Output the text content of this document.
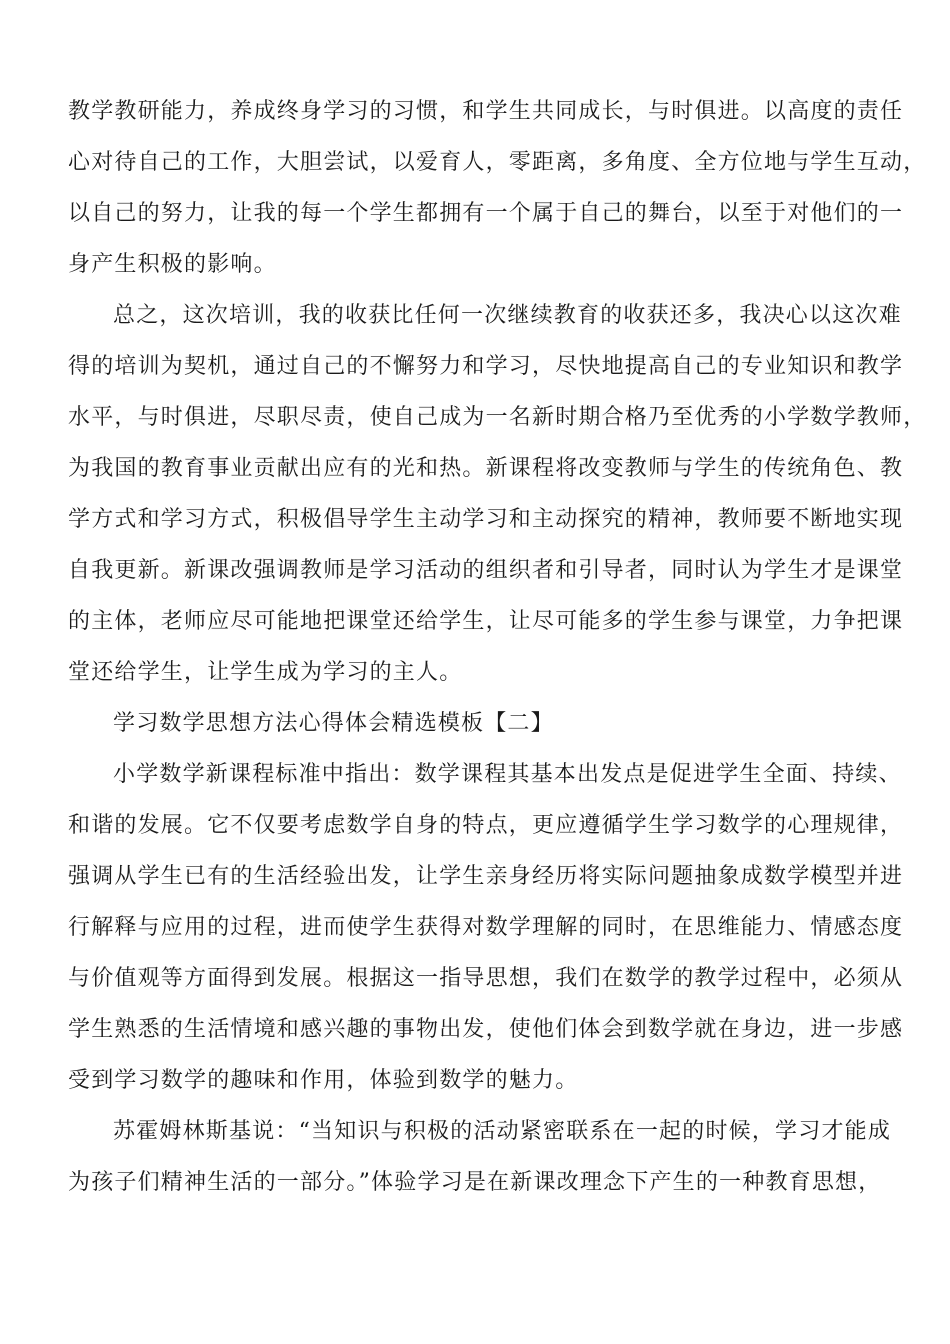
教学教研能力，养成终身学习的习惯，和学生共同成长，与时俱进。以高度的责任
心对待自己的工作，大胆尝试，以爱育人，零距离，多角度、全方位地与学生互动，
以自己的努力，让我的每一个学生都拥有一个属于自己的舞台，以至于对他们的一
身产生积极的影响。
总之，这次培训，我的收获比任何一次继续教育的收获还多，我决心以这次难
得的培训为契机，通过自己的不懈努力和学习，尽快地提高自己的专业知识和教学
水平，与时俱进，尽职尽责，使自己成为一名新时期合格乃至优秀的小学数学教师，
为我国的教育事业贡献出应有的光和热。新课程将改变教师与学生的传统角色、教
学方式和学习方式，积极倡导学生主动学习和主动探究的精神，教师要不断地实现
自我更新。新课改强调教师是学习活动的组织者和引导者，同时认为学生才是课堂
的主体，老师应尽可能地把课堂还给学生，让尽可能多的学生参与课堂，力争把课
堂还给学生，让学生成为学习的主人。
学习数学思想方法心得体会精选模板【二】
小学数学新课程标准中指出：数学课程其基本出发点是促进学生全面、持续、
和谐的发展。它不仅要考虑数学自身的特点，更应遵循学生学习数学的心理规律，
强调从学生已有的生活经验出发，让学生亲身经历将实际问题抽象成数学模型并进
行解释与应用的过程，进而使学生获得对数学理解的同时，在思维能力、情感态度
与价值观等方面得到发展。根据这一指导思想，我们在数学的教学过程中，必须从
学生熟悉的生活情境和感兴趣的事物出发，使他们体会到数学就在身边，进一步感
受到学习数学的趣味和作用，体验到数学的魅力。
苏霍姆林斯基说：“当知识与积极的活动紧密联系在一起的时候，学习才能成
为孩子们精神生活的一部分。”体验学习是在新课改理念下产生的一种教育思想，
